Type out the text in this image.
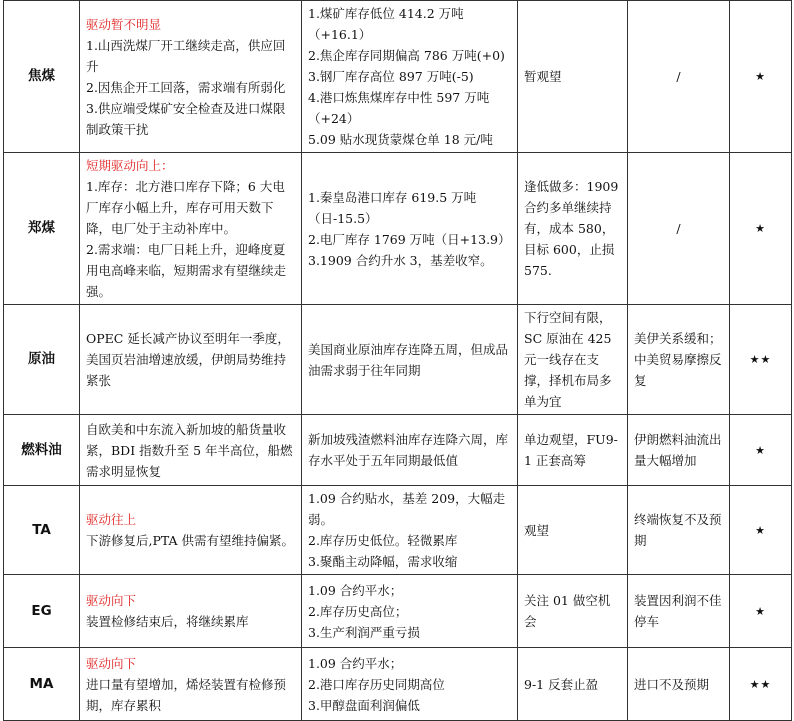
焦煤	驱动暂不明显
1.山西洗煤厂开工继续走高，供应回升
2.因焦企开工回落，需求端有所弱化
3.供应端受煤矿安全检查及进口煤限制政策干扰	1.煤矿库存低位 414.2 万吨（+16.1）
2.焦企库存同期偏高 786 万吨(+0)
3.钢厂库存高位 897 万吨(-5)
4.港口炼焦煤库存中性 597 万吨（+24）
5.09 贴水现货蒙煤仓单 18 元/吨	暂观望	/	★
郑煤	短期驱动向上：
1.库存：北方港口库存下降；6 大电厂库存小幅上升，库存可用天数下降，电厂处于主动补库中。
2.需求端：电厂日耗上升，迎峰度夏用电高峰来临，短期需求有望继续走强。	1.秦皇岛港口库存 619.5 万吨（日-15.5）
2.电厂库存 1769 万吨（日+13.9）
3.1909 合约升水 3，基差收窄。	逢低做多：1909 合约多单继续持有，成本 580，目标 600，止损 575.	/	★
原油	OPEC 延长减产协议至明年一季度，美国页岩油增速放缓，伊朗局势维持紧张	美国商业原油库存连降五周，但成品油需求弱于往年同期	下行空间有限，SC 原油在 425 元一线存在支撑，择机布局多单为宜	美伊关系缓和；中美贸易摩擦反复	★★
燃料油	自欧美和中东流入新加坡的船货量收紧，BDI 指数升至 5 年半高位，船燃需求明显恢复	新加坡残渣燃料油库存连降六周，库存水平处于五年同期最低值	单边观望，FU9-1 正套高筹	伊朗燃料油流出量大幅增加	★
TA	驱动往上
下游修复后,PTA 供需有望维持偏紧。	1.09 合约贴水，基差 209，大幅走弱。
2.库存历史低位。轻微累库
3.聚酯主动降幅，需求收缩	观望	终端恢复不及预期	★
EG	驱动向下
装置检修结束后，将继续累库	1.09 合约平水；
2.库存历史高位；
3.生产利润严重亏损	关注 01 做空机会	装置因利润不佳停车	★
MA	驱动向下
进口量有望增加，烯烃装置有检修预期，库存累积	1.09 合约平水；
2.港口库存历史同期高位
3.甲醇盘面利润偏低	9-1 反套止盈	进口不及预期	★★
